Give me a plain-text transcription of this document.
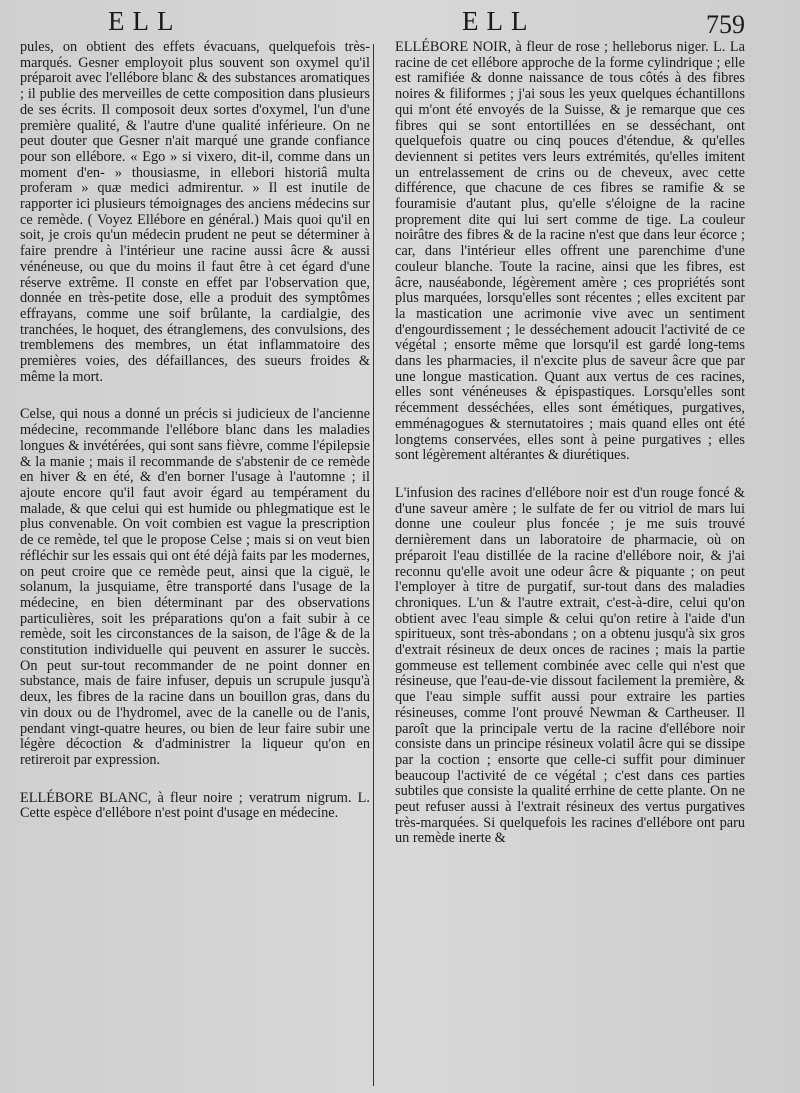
ELL	ELL	759

pules, on obtient des effets évacuans, quelquefois très-marqués. Gesner employoit plus souvent son oxymel qu'il préparoit avec l'ellébore blanc & des substances aromatiques ; il publie des merveilles de cette composition dans plusieurs de ses écrits. Il composoit deux sortes d'oxymel, l'un d'une première qualité, & l'autre d'une qualité inférieure. On ne peut douter que Gesner n'ait marqué une grande confiance pour son ellébore. « Ego » si vixero, dit-il, comme dans un moment d'en- » thousiasme, in ellebori historiâ multa proferam » quæ medici admirentur. » Il est inutile de rapporter ici plusieurs témoignages des anciens médecins sur ce remède. ( Voyez Ellébore en général.) Mais quoi qu'il en soit, je crois qu'un médecin prudent ne peut se déterminer à faire prendre à l'intérieur une racine aussi âcre & aussi vénéneuse, ou que du moins il faut être à cet égard d'une réserve extrême. Il conste en effet par l'observation que, donnée en très-petite dose, elle a produit des symptômes effrayans, comme une soif brûlante, la cardialgie, des tranchées, le hoquet, des étranglemens, des convulsions, des tremblemens des membres, un état inflammatoire des premières voies, des défaillances, des sueurs froides & même la mort.

Celse, qui nous a donné un précis si judicieux de l'ancienne médecine, recommande l'ellébore blanc dans les maladies longues & invétérées, qui sont sans fièvre, comme l'épilepsie & la manie ; mais il recommande de s'abstenir de ce remède en hiver & en été, & d'en borner l'usage à l'automne ; il ajoute encore qu'il faut avoir égard au tempérament du malade, & que celui qui est humide ou phlegmatique est le plus convenable. On voit combien est vague la prescription de ce remède, tel que le propose Celse ; mais si on veut bien réfléchir sur les essais qui ont été déjà faits par les modernes, on peut croire que ce remède peut, ainsi que la ciguë, le solanum, la jusquiame, être transporté dans l'usage de la médecine, en bien déterminant par des observations particulières, soit les préparations qu'on a fait subir à ce remède, soit les circonstances de la saison, de l'âge & de la constitution individuelle qui peuvent en assurer le succès. On peut sur-tout recommander de ne point donner en substance, mais de faire infuser, depuis un scrupule jusqu'à deux, les fibres de la racine dans un bouillon gras, dans du vin doux ou de l'hydromel, avec de la canelle ou de l'anis, pendant vingt-quatre heures, ou bien de leur faire subir une légère décoction & d'administrer la liqueur qu'on en retireroit par expression.

ELLÉBORE BLANC, à fleur noire ; veratrum nigrum. L. Cette espèce d'ellébore n'est point d'usage en médecine.

ELLÉBORE NOIR, à fleur de rose ; helleborus niger. L. La racine de cet ellébore approche de la forme cylindrique ; elle est ramifiée & donne naissance de tous côtés à des fibres noires & filiformes ; j'ai sous les yeux quelques échantillons qui m'ont été envoyés de la Suisse, & je remarque que ces fibres qui se sont entortillées en se desséchant, ont quelquefois quatre ou cinq pouces d'étendue, & qu'elles deviennent si petites vers leurs extrémités, qu'elles imitent un entrelassement de crins ou de cheveux, avec cette différence, que chacune de ces fibres se ramifie & se fouramisie d'autant plus, qu'elle s'éloigne de la racine proprement dite qui lui sert comme de tige. La couleur noirâtre des fibres & de la racine n'est que dans leur écorce ; car, dans l'intérieur elles offrent une parenchime d'une couleur blanche. Toute la racine, ainsi que les fibres, est âcre, nauséabonde, légèrement amère ; ces propriétés sont plus marquées, lorsqu'elles sont récentes ; elles excitent par la mastication une acrimonie vive avec un sentiment d'engourdissement ; le desséchement adoucit l'activité de ce végétal ; ensorte même que lorsqu'il est gardé long-tems dans les pharmacies, il n'excite plus de saveur âcre que par une longue mastication. Quant aux vertus de ces racines, elles sont vénéneuses & épispastiques. Lorsqu'elles sont récemment desséchées, elles sont émétiques, purgatives, emménagogues & sternutatoires ; mais quand elles ont été longtems conservées, elles sont à peine purgatives ; elles sont légèrement altérantes & diurétiques.

L'infusion des racines d'ellébore noir est d'un rouge foncé & d'une saveur amère ; le sulfate de fer ou vitriol de mars lui donne une couleur plus foncée ; je me suis trouvé dernièrement dans un laboratoire de pharmacie, où on préparoit l'eau distillée de la racine d'ellébore noir, & j'ai reconnu qu'elle avoit une odeur âcre & piquante ; on peut l'employer à titre de purgatif, sur-tout dans des maladies chroniques. L'un & l'autre extrait, c'est-à-dire, celui qu'on obtient avec l'eau simple & celui qu'on retire à l'aide d'un spiritueux, sont très-abondans ; on a obtenu jusqu'à six gros d'extrait résineux de deux onces de racines ; mais la partie gommeuse est tellement combinée avec celle qui n'est que résineuse, que l'eau-de-vie dissout facilement la première, & que l'eau simple suffit aussi pour extraire les parties résineuses, comme l'ont prouvé Newman & Cartheuser. Il paroît que la principale vertu de la racine d'ellébore noir consiste dans un principe résineux volatil âcre qui se dissipe par la coction ; ensorte que celle-ci suffit pour diminuer beaucoup l'activité de ce végétal ; c'est dans ces parties subtiles que consiste la qualité errhine de cette plante. On ne peut refuser aussi à l'extrait résineux des vertus purgatives très-marquées. Si quelquefois les racines d'ellébore ont paru un remède inerte &
